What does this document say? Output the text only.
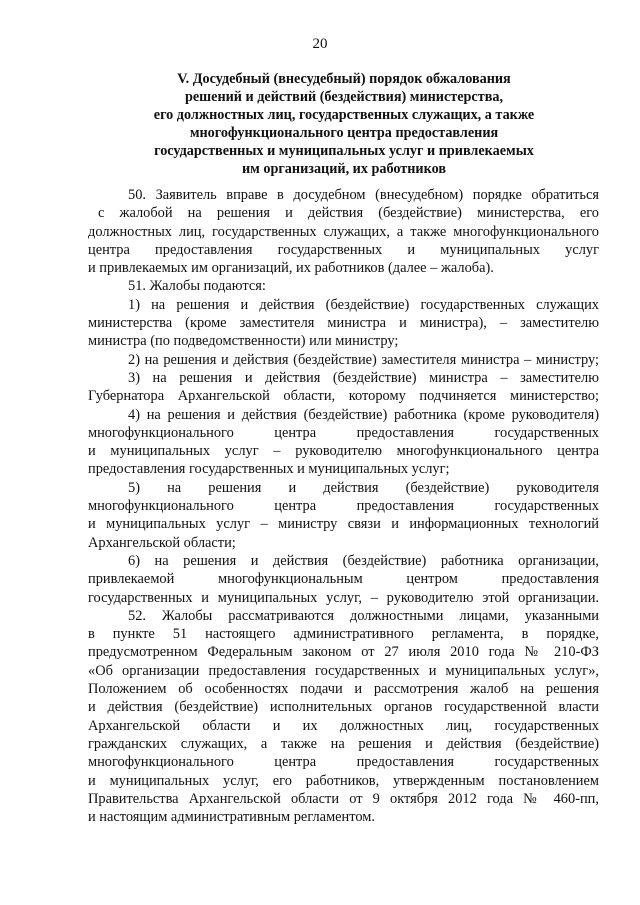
20
V. Досудебный (внесудебный) порядок обжалования
решений и действий (бездействия) министерства,
его должностных лиц, государственных служащих, а также
многофункционального центра предоставления
государственных и муниципальных услуг и привлекаемых
им организаций, их работников
50. Заявитель вправе в досудебном (внесудебном) порядке обратиться
с жалобой на решения и действия (бездействие) министерства, его
должностных лиц, государственных служащих, а также многофункционального
центра предоставления государственных и муниципальных услуг
и привлекаемых им организаций, их работников (далее – жалоба).
51. Жалобы подаются:
1) на решения и действия (бездействие) государственных служащих
министерства (кроме заместителя министра и министра), – заместителю
министра (по подведомственности) или министру;
2) на решения и действия (бездействие) заместителя министра – министру;
3) на решения и действия (бездействие) министра – заместителю
Губернатора Архангельской области, которому подчиняется министерство;
4) на решения и действия (бездействие) работника (кроме руководителя)
многофункционального центра предоставления государственных
и муниципальных услуг – руководителю многофункционального центра
предоставления государственных и муниципальных услуг;
5) на решения и действия (бездействие) руководителя
многофункционального центра предоставления государственных
и муниципальных услуг – министру связи и информационных технологий
Архангельской области;
6) на решения и действия (бездействие) работника организации,
привлекаемой многофункциональным центром предоставления
государственных и муниципальных услуг, – руководителю этой организации.
52. Жалобы рассматриваются должностными лицами, указанными
в пункте 51 настоящего административного регламента, в порядке,
предусмотренном Федеральным законом от 27 июля 2010 года № 210-ФЗ
«Об организации предоставления государственных и муниципальных услуг»,
Положением об особенностях подачи и рассмотрения жалоб на решения
и действия (бездействие) исполнительных органов государственной власти
Архангельской области и их должностных лиц, государственных
гражданских служащих, а также на решения и действия (бездействие)
многофункционального центра предоставления государственных
и муниципальных услуг, его работников, утвержденным постановлением
Правительства Архангельской области от 9 октября 2012 года № 460-пп,
и настоящим административным регламентом.
